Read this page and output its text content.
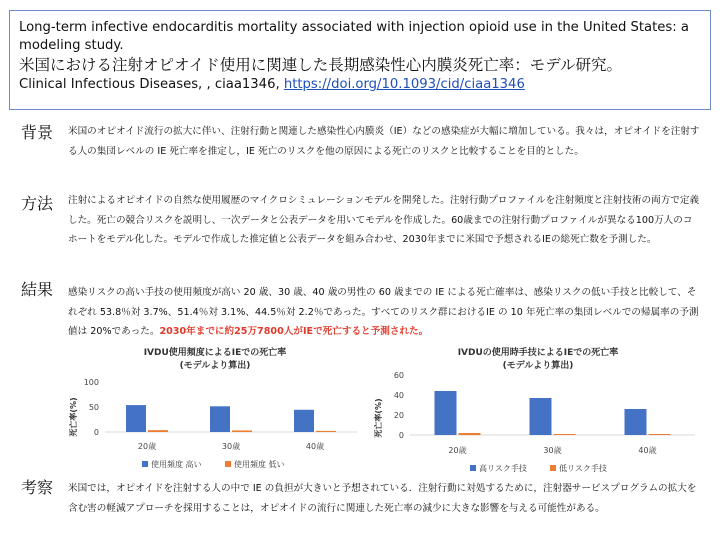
Long-term infective endocarditis mortality associated with injection opioid use in the United States: a modeling study.
米国における注射オピオイド使用に関連した長期感染性心内膜炎死亡率：モデル研究。
Clinical Infectious Diseases, , ciaa1346, https://doi.org/10.1093/cid/ciaa1346
背景 米国のオピオイド流行の拡大に伴い、注射行動と関連した感染性心内膜炎（IE）などの感染症が大幅に増加している。我々は，オピオイドを注射する人の集団レベルの IE 死亡率を推定し，IE 死亡のリスクを他の原因による死亡のリスクと比較することを目的とした。
方法 注射によるオピオイドの自然な使用履歴のマイクロシミュレーションモデルを開発した。注射行動プロファイルを注射頻度と注射技術の両方で定義した。死亡の競合リスクを説明し、一次データと公表データを用いてモデルを作成した。60歳までの注射行動プロファイルが異なる100万人のコホートをモデル化した。モデルで作成した推定値と公表データを組み合わせ、2030年までに米国で予想されるIEの総死亡数を予測した。
結果 感染リスクの高い手技の使用頻度が高い 20 歳、30 歳、40 歳の男性の 60 歳までの IE による死亡確率は、感染リスクの低い手技と比較して、それぞれ 53.8％対 3.7%、51.4％対 3.1%、44.5％対 2.2％であった。すべてのリスク群におけるIE の 10 年死亡率の集団レベルでの帰属率の予測値は 20%であった。2030年までに約25万7800人がIEで死亡すると予測された。
IVDU使用頻度によるIEでの死亡率
(モデルより算出)
死亡率(%)
100
50
0
20歳	30歳	40歳
使用頻度 高い	使用頻度 低い
IVDUの使用時手技によるIEでの死亡率
(モデルより算出)
死亡率(%)
60
40
20
0
20歳	30歳	40歳
高リスク手技	低リスク手技
考察 米国では，オピオイドを注射する人の中で IE の負担が大きいと予想されている．注射行動に対処するために，注射器サービスプログラムの拡大を含む害の軽減アプローチを採用することは，オピオイドの流行に関連した死亡率の減少に大きな影響を与える可能性がある。
